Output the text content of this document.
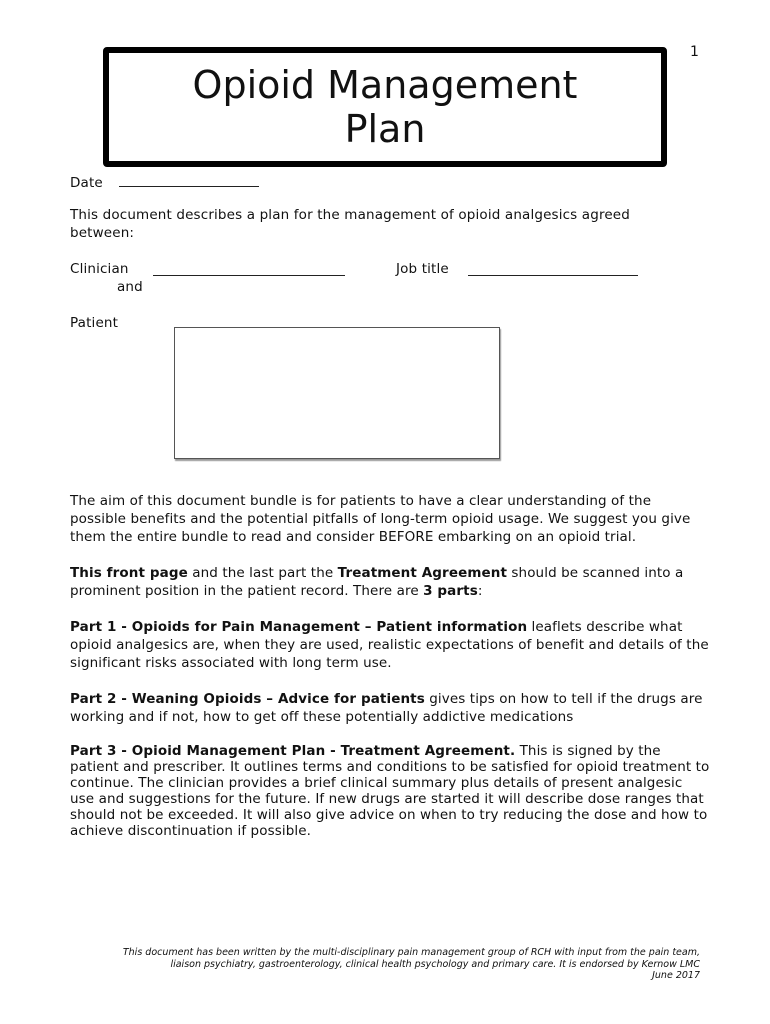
1
Opioid Management
Plan
Date
This document describes a plan for the management of opioid analgesics agreed between:
Clinician	Job title
and
Patient
The aim of this document bundle is for patients to have a clear understanding of the possible benefits and the potential pitfalls of long-term opioid usage. We suggest you give them the entire bundle to read and consider BEFORE embarking on an opioid trial.
This front page and the last part the Treatment Agreement should be scanned into a prominent position in the patient record. There are 3 parts:
Part 1 - Opioids for Pain Management – Patient information leaflets describe what opioid analgesics are, when they are used, realistic expectations of benefit and details of the significant risks associated with long term use.
Part 2 - Weaning Opioids – Advice for patients gives tips on how to tell if the drugs are working and if not, how to get off these potentially addictive medications
Part 3 - Opioid Management Plan - Treatment Agreement. This is signed by the patient and prescriber. It outlines terms and conditions to be satisfied for opioid treatment to continue. The clinician provides a brief clinical summary plus details of present analgesic use and suggestions for the future. If new drugs are started it will describe dose ranges that should not be exceeded. It will also give advice on when to try reducing the dose and how to achieve discontinuation if possible.
This document has been written by the multi-disciplinary pain management group of RCH with input from the pain team,
liaison psychiatry, gastroenterology, clinical health psychology and primary care. It is endorsed by Kernow LMC
June 2017
